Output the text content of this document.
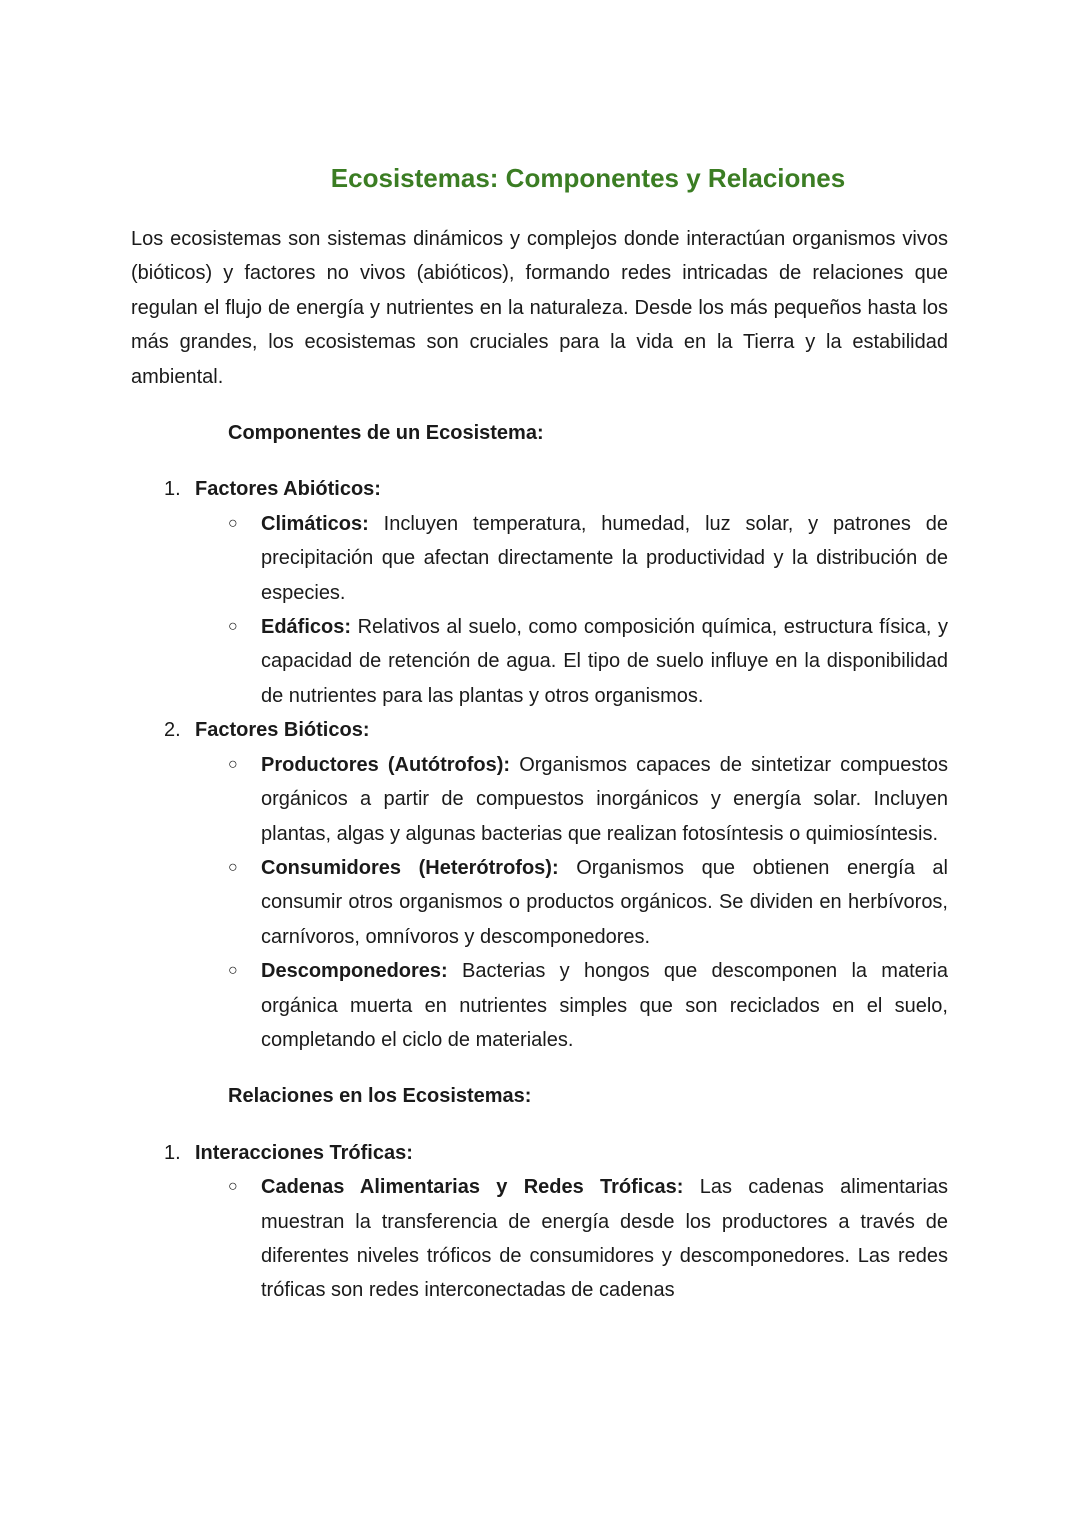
Ecosistemas: Componentes y Relaciones

Los ecosistemas son sistemas dinámicos y complejos donde interactúan organismos vivos (bióticos) y factores no vivos (abióticos), formando redes intricadas de relaciones que regulan el flujo de energía y nutrientes en la naturaleza. Desde los más pequeños hasta los más grandes, los ecosistemas son cruciales para la vida en la Tierra y la estabilidad ambiental.

Componentes de un Ecosistema:

1. Factores Abióticos:
○ Climáticos: Incluyen temperatura, humedad, luz solar, y patrones de precipitación que afectan directamente la productividad y la distribución de especies.
○ Edáficos: Relativos al suelo, como composición química, estructura física, y capacidad de retención de agua. El tipo de suelo influye en la disponibilidad de nutrientes para las plantas y otros organismos.
2. Factores Bióticos:
○ Productores (Autótrofos): Organismos capaces de sintetizar compuestos orgánicos a partir de compuestos inorgánicos y energía solar. Incluyen plantas, algas y algunas bacterias que realizan fotosíntesis o quimiosíntesis.
○ Consumidores (Heterótrofos): Organismos que obtienen energía al consumir otros organismos o productos orgánicos. Se dividen en herbívoros, carnívoros, omnívoros y descomponedores.
○ Descomponedores: Bacterias y hongos que descomponen la materia orgánica muerta en nutrientes simples que son reciclados en el suelo, completando el ciclo de materiales.

Relaciones en los Ecosistemas:

1. Interacciones Tróficas:
○ Cadenas Alimentarias y Redes Tróficas: Las cadenas alimentarias muestran la transferencia de energía desde los productores a través de diferentes niveles tróficos de consumidores y descomponedores. Las redes tróficas son redes interconectadas de cadenas
